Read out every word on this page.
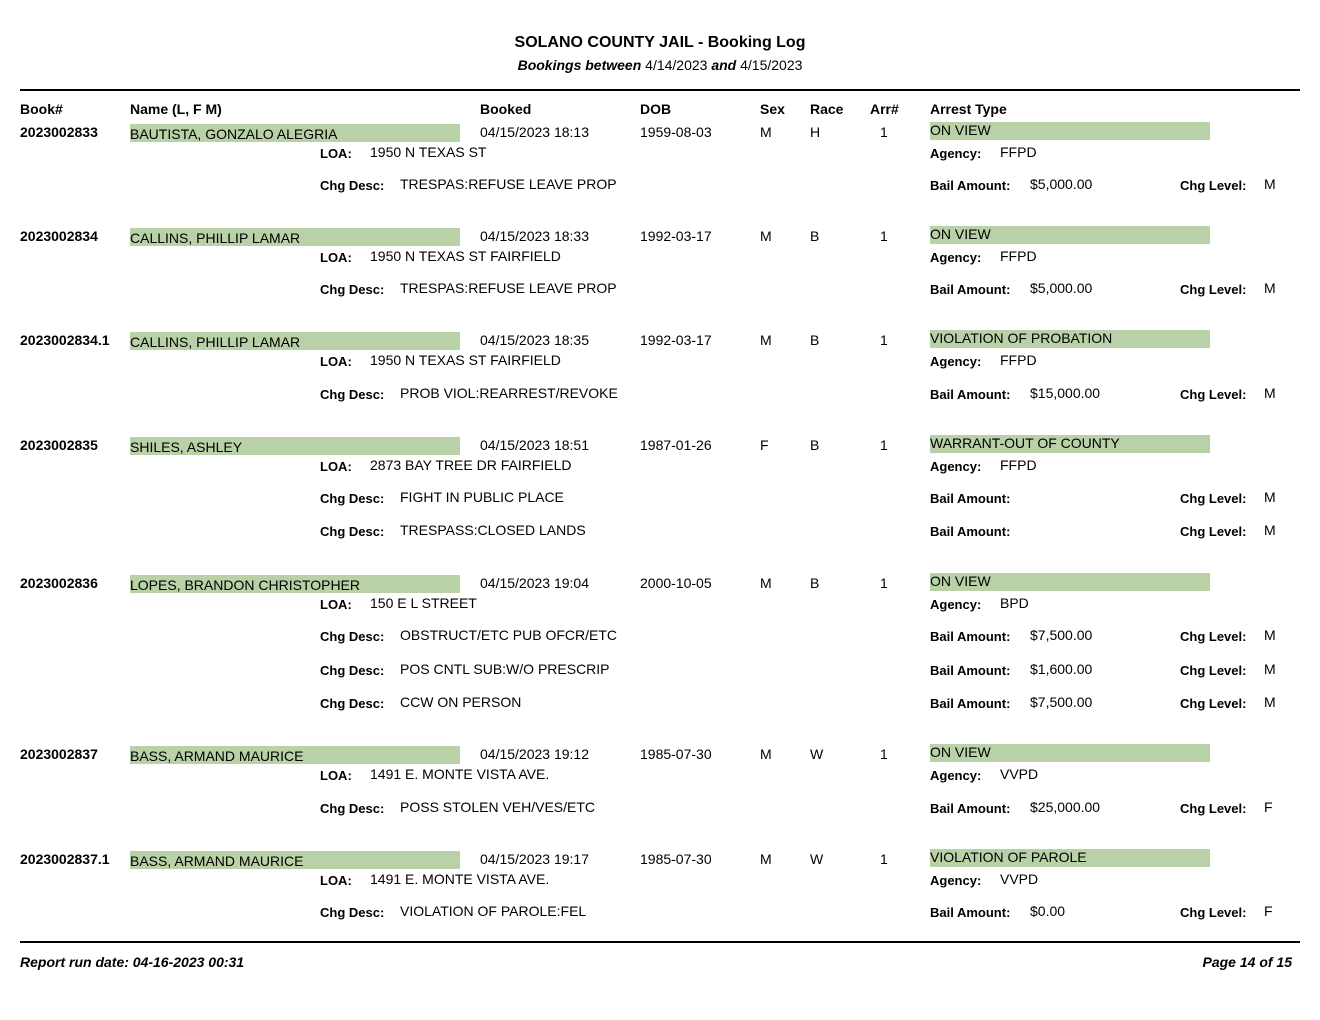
SOLANO COUNTY JAIL - Booking Log
Bookings between 4/14/2023 and 4/15/2023
Book#	Name (L, F M)	Booked	DOB	Sex Race Arr# Arrest Type
2023002833 BAUTISTA, GONZALO ALEGRIA	04/15/2023 18:13	1959-08-03	M	H	1	ON VIEW
LOA: 1950 N TEXAS ST	Agency: FFPD
Chg Desc: TRESPAS:REFUSE LEAVE PROP	Bail Amount: $5,000.00	Chg Level: M
2023002834 CALLINS, PHILLIP LAMAR	04/15/2023 18:33	1992-03-17	M	B	1	ON VIEW
LOA: 1950 N TEXAS ST FAIRFIELD	Agency: FFPD
Chg Desc: TRESPAS:REFUSE LEAVE PROP	Bail Amount: $5,000.00	Chg Level: M
2023002834.1 CALLINS, PHILLIP LAMAR	04/15/2023 18:35	1992-03-17	M	B	1	VIOLATION OF PROBATION
LOA: 1950 N TEXAS ST FAIRFIELD	Agency: FFPD
Chg Desc: PROB VIOL:REARREST/REVOKE	Bail Amount: $15,000.00	Chg Level: M
2023002835 SHILES, ASHLEY	04/15/2023 18:51	1987-01-26	F	B	1	WARRANT-OUT OF COUNTY
LOA: 2873 BAY TREE DR FAIRFIELD	Agency: FFPD
Chg Desc: FIGHT IN PUBLIC PLACE	Bail Amount:	Chg Level: M
Chg Desc: TRESPASS:CLOSED LANDS	Bail Amount:	Chg Level: M
2023002836 LOPES, BRANDON CHRISTOPHER	04/15/2023 19:04	2000-10-05	M	B	1	ON VIEW
LOA: 150 E L STREET	Agency: BPD
Chg Desc: OBSTRUCT/ETC PUB OFCR/ETC	Bail Amount: $7,500.00	Chg Level: M
Chg Desc: POS CNTL SUB:W/O PRESCRIP	Bail Amount: $1,600.00	Chg Level: M
Chg Desc: CCW ON PERSON	Bail Amount: $7,500.00	Chg Level: M
2023002837 BASS, ARMAND MAURICE	04/15/2023 19:12	1985-07-30	M	W	1	ON VIEW
LOA: 1491 E. MONTE VISTA AVE.	Agency: VVPD
Chg Desc: POSS STOLEN VEH/VES/ETC	Bail Amount: $25,000.00	Chg Level: F
2023002837.1 BASS, ARMAND MAURICE	04/15/2023 19:17	1985-07-30	M	W	1	VIOLATION OF PAROLE
LOA: 1491 E. MONTE VISTA AVE.	Agency: VVPD
Chg Desc: VIOLATION OF PAROLE:FEL	Bail Amount: $0.00	Chg Level: F
Report run date: 04-16-2023 00:31	Page 14 of 15
